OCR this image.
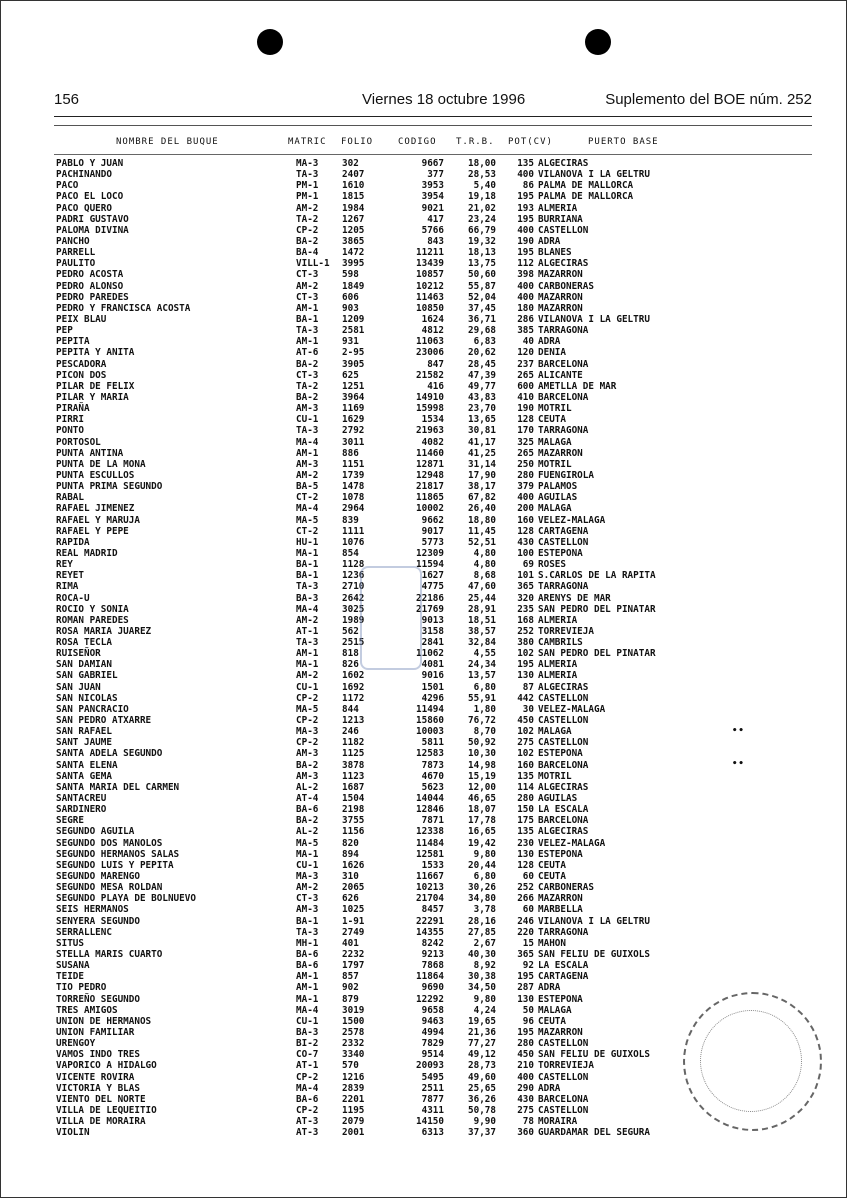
156	Viernes 18 octubre 1996	Suplemento del BOE núm. 252
NOMBRE DEL BUQUE	MATRIC FOLIO	CODIGO T.R.B. POT(CV)	PUERTO BASE
PABLO Y JUAN	MA-3	302	9667	18,00	135 ALGECIRAS
PACHINANDO	TA-3	2407	377	28,53	400 VILANOVA I LA GELTRU
PACO	PM-1	1610	3953	5,40	86 PALMA DE MALLORCA
PACO EL LOCO	PM-1	1815	3954	19,18	195 PALMA DE MALLORCA
PACO QUERO	AM-2	1984	9021	21,02	193 ALMERIA
PADRI GUSTAVO	TA-2	1267	417	23,24	195 BURRIANA
PALOMA DIVINA	CP-2	1205	5766	66,79	400 CASTELLON
PANCHO	BA-2	3865	843	19,32	190 ADRA
PARRELL	BA-4	1472	11211	18,13	195 BLANES
PAULITO	VILL-1 3995	13439	13,75	112 ALGECIRAS
PEDRO ACOSTA	CT-3	598	10857	50,60	398 MAZARRON
PEDRO ALONSO	AM-2	1849	10212	55,87	400 CARBONERAS
PEDRO PAREDES	CT-3	606	11463	52,04	400 MAZARRON
PEDRO Y FRANCISCA ACOSTA	AM-1	903	10850	37,45	180 MAZARRON
PEIX BLAU	BA-1	1209	1624	36,71	286 VILANOVA I LA GELTRU
PEP	TA-3	2581	4812	29,68	385 TARRAGONA
PEPITA	AM-1	931	11063	6,83	40 ADRA
PEPITA Y ANITA	AT-6	2-95	23006	20,62	120 DENIA
PESCADORA	BA-2	3905	847	28,45	237 BARCELONA
PICON DOS	CT-3	625	21582	47,39	265 ALICANTE
PILAR DE FELIX	TA-2	1251	416	49,77	600 AMETLLA DE MAR
PILAR Y MARIA	BA-2	3964	14910	43,83	410 BARCELONA
PIRAÑA	AM-3	1169	15998	23,70	190 MOTRIL
PIRRI	CU-1	1629	1534	13,65	128 CEUTA
PONTO	TA-3	2792	21963	30,81	170 TARRAGONA
PORTOSOL	MA-4	3011	4082	41,17	325 MALAGA
PUNTA ANTINA	AM-1	886	11460	41,25	265 MAZARRON
PUNTA DE LA MONA	AM-3	1151	12871	31,14	250 MOTRIL
PUNTA ESCULLOS	AM-2	1739	12948	17,90	280 FUENGIROLA
PUNTA PRIMA SEGUNDO	BA-5	1478	21817	38,17	379 PALAMOS
RABAL	CT-2	1078	11865	67,82	400 AGUILAS
RAFAEL JIMENEZ	MA-4	2964	10002	26,40	200 MALAGA
RAFAEL Y MARUJA	MA-5	839	9662	18,80	160 VELEZ-MALAGA
RAFAEL Y PEPE	CT-2	1111	9017	11,45	128 CARTAGENA
RAPIDA	HU-1	1076	5773	52,51	430 CASTELLON
REAL MADRID	MA-1	854	12309	4,80	100 ESTEPONA
REY	BA-1	1128	11594	4,80	69 ROSES
REYET	BA-1	1236	1627	8,68	101 S.CARLOS DE LA RAPITA
RIMA	TA-3	2710	4775	47,60	365 TARRAGONA
ROCA-U	BA-3	2642	22186	25,44	320 ARENYS DE MAR
ROCIO Y SONIA	MA-4	3025	21769	28,91	235 SAN PEDRO DEL PINATAR
ROMAN PAREDES	AM-2	1989	9013	18,51	168 ALMERIA
ROSA MARIA JUAREZ	AT-1	562	3158	38,57	252 TORREVIEJA
ROSA TECLA	TA-3	2515	2841	32,84	380 CAMBRILS
RUISEÑOR	AM-1	818	11062	4,55	102 SAN PEDRO DEL PINATAR
SAN DAMIAN	MA-1	826	4081	24,34	195 ALMERIA
SAN GABRIEL	AM-2	1602	9016	13,57	130 ALMERIA
SAN JUAN	CU-1	1692	1501	6,80	87 ALGECIRAS
SAN NICOLAS	CP-2	1172	4296	55,91	442 CASTELLON
SAN PANCRACIO	MA-5	844	11494	1,80	30 VELEZ-MALAGA
SAN PEDRO ATXARRE	CP-2	1213	15860	76,72	450 CASTELLON
SAN RAFAEL	MA-3	246	10003	8,70	102 MALAGA
SANT JAUME	CP-2	1182	5811	50,92	275 CASTELLON
SANTA ADELA SEGUNDO	AM-3	1125	12583	10,30	102 ESTEPONA
SANTA ELENA	BA-2	3878	7873	14,98	160 BARCELONA
SANTA GEMA	AM-3	1123	4670	15,19	135 MOTRIL
SANTA MARIA DEL CARMEN	AL-2	1687	5623	12,00	114 ALGECIRAS
SANTACREU	AT-4	1504	14044	46,65	280 AGUILAS
SARDINERO	BA-6	2198	12846	18,07	150 LA ESCALA
SEGRE	BA-2	3755	7871	17,78	175 BARCELONA
SEGUNDO AGUILA	AL-2	1156	12338	16,65	135 ALGECIRAS
SEGUNDO DOS MANOLOS	MA-5	820	11484	19,42	230 VELEZ-MALAGA
SEGUNDO HERMANOS SALAS	MA-1	894	12581	9,80	130 ESTEPONA
SEGUNDO LUIS Y PEPITA	CU-1	1626	1533	20,44	128 CEUTA
SEGUNDO MARENGO	MA-3	310	11667	6,80	60 CEUTA
SEGUNDO MESA ROLDAN	AM-2	2065	10213	30,26	252 CARBONERAS
SEGUNDO PLAYA DE BOLNUEVO	CT-3	626	21704	34,80	266 MAZARRON
SEIS HERMANOS	AM-3	1025	8457	3,78	60 MARBELLA
SENYERA SEGUNDO	BA-1	1-91	22291	28,16	246 VILANOVA I LA GELTRU
SERRALLENC	TA-3	2749	14355	27,85	220 TARRAGONA
SITUS	MH-1	401	8242	2,67	15 MAHON
STELLA MARIS CUARTO	BA-6	2232	9213	40,30	365 SAN FELIU DE GUIXOLS
SUSANA	BA-6	1797	7868	8,92	92 LA ESCALA
TEIDE	AM-1	857	11864	30,38	195 CARTAGENA
TIO PEDRO	AM-1	902	9690	34,50	287 ADRA
TORREÑO SEGUNDO	MA-1	879	12292	9,80	130 ESTEPONA
TRES AMIGOS	MA-4	3019	9658	4,24	50 MALAGA
UNION DE HERMANOS	CU-1	1500	9463	19,65	96 CEUTA
UNION FAMILIAR	BA-3	2578	4994	21,36	195 MAZARRON
URENGOY	BI-2	2332	7829	77,27	280 CASTELLON
VAMOS INDO TRES	CO-7	3340	9514	49,12	450 SAN FELIU DE GUIXOLS
VAPORICO A HIDALGO	AT-1	570	20093	28,73	210 TORREVIEJA
VICENTE ROVIRA	CP-2	1216	5495	49,60	400 CASTELLON
VICTORIA Y BLAS	MA-4	2839	2511	25,65	290 ADRA
VIENTO DEL NORTE	BA-6	2201	7877	36,26	430 BARCELONA
VILLA DE LEQUEITIO	CP-2	1195	4311	50,78	275 CASTELLON
VILLA DE MORAIRA	AT-3	2079	14150	9,90	78 MORAIRA
VIOLIN	AT-3	2001	6313	37,37	360 GUARDAMAR DEL SEGURA
••
••
